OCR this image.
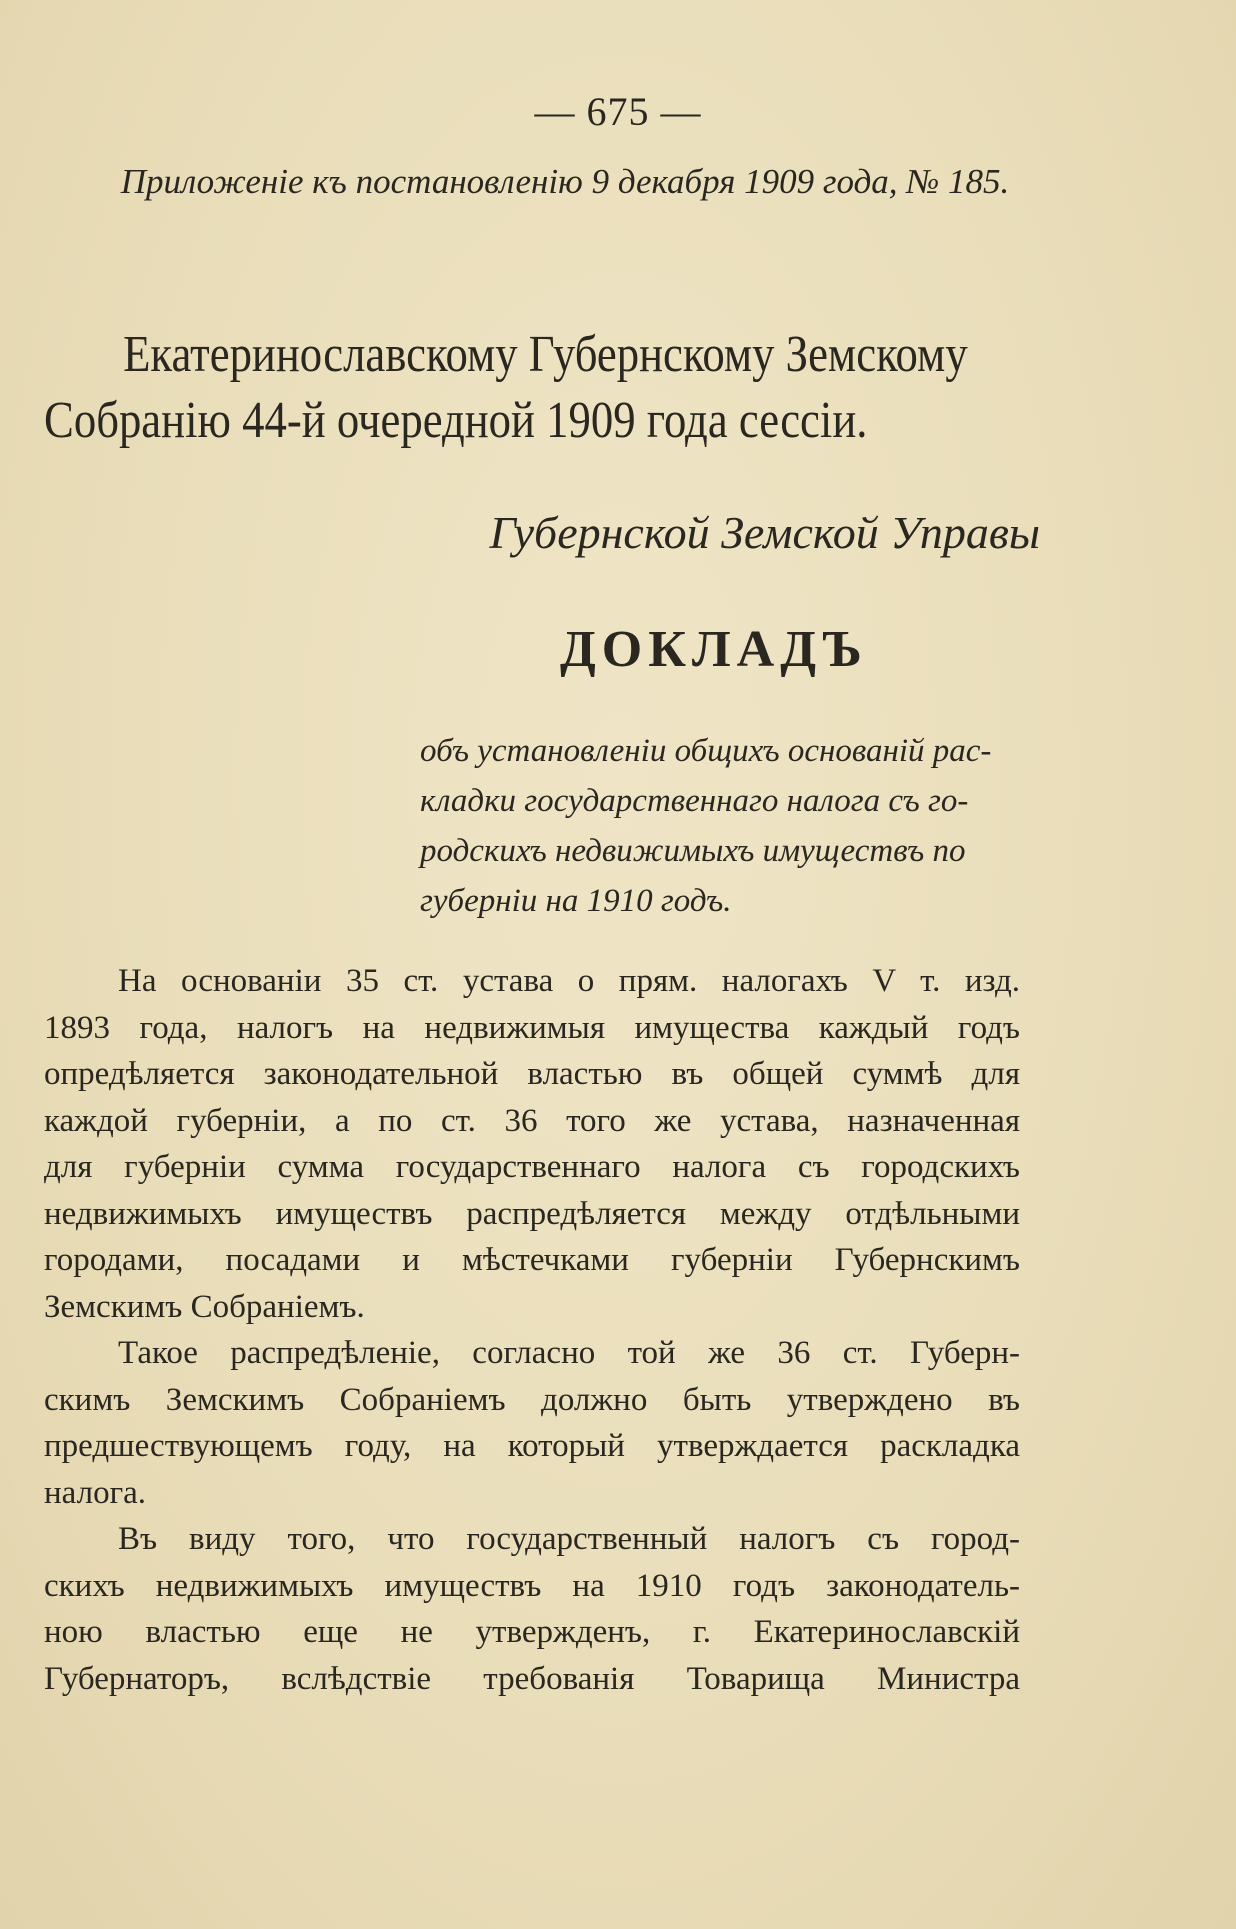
— 675 —
Приложеніе къ постановленію 9 декабря 1909 года, № 185.
Екатеринославскому Губернскому Земскому
Собранію 44-й очередной 1909 года сессіи.
Губернской Земской Управы
ДОКЛАДЪ
объ установленіи общихъ основаній рас-
кладки государственнаго налога съ го-
родскихъ недвижимыхъ имуществъ по
губерніи на 1910 годъ.
На основаніи 35 ст. устава о прям. налогахъ V т. изд.
1893 года, налогъ на недвижимыя имущества каждый годъ
опредѣляется законодательной властью въ общей суммѣ для
каждой губерніи, а по ст. 36 того же устава, назначенная
для губерніи сумма государственнаго налога съ городскихъ
недвижимыхъ имуществъ распредѣляется между отдѣльными
городами, посадами и мѣстечками губерніи Губернскимъ
Земскимъ Собраніемъ.
Такое распредѣленіе, согласно той же 36 ст. Губерн-
скимъ Земскимъ Собраніемъ должно быть утверждено въ
предшествующемъ году, на который утверждается раскладка
налога.
Въ виду того, что государственный налогъ съ город-
скихъ недвижимыхъ имуществъ на 1910 годъ законодатель-
ною властью еще не утвержденъ, г. Екатеринославскій
Губернаторъ, вслѣдствіе требованія Товарища Министра
